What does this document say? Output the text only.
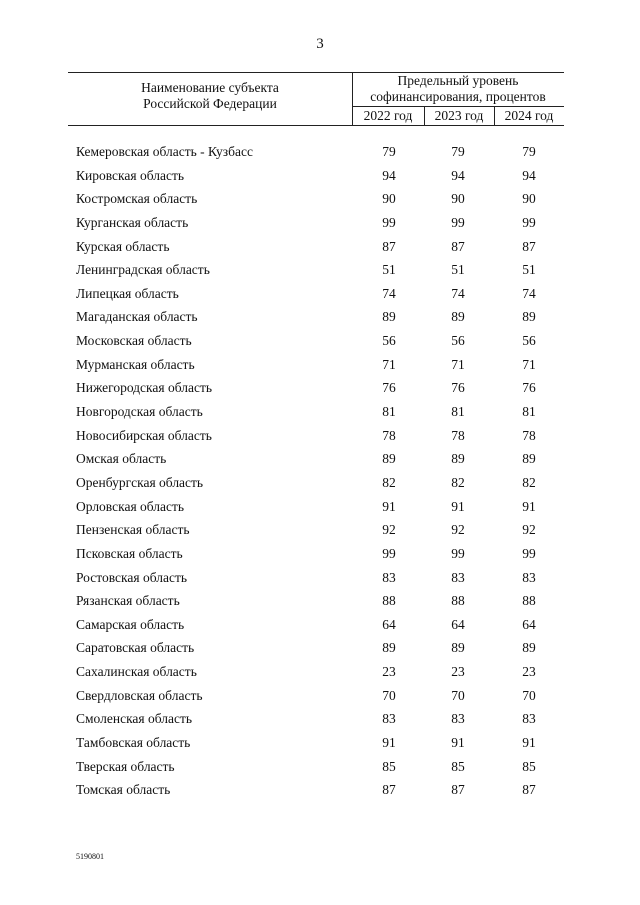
3
Наименование субъекта
Российской Федерации
Предельный уровень
софинансирования, процентов
2022 год	2023 год	2024 год
Кемеровская область - Кузбасс	79	79	79
Кировская область	94	94	94
Костромская область	90	90	90
Курганская область	99	99	99
Курская область	87	87	87
Ленинградская область	51	51	51
Липецкая область	74	74	74
Магаданская область	89	89	89
Московская область	56	56	56
Мурманская область	71	71	71
Нижегородская область	76	76	76
Новгородская область	81	81	81
Новосибирская область	78	78	78
Омская область	89	89	89
Оренбургская область	82	82	82
Орловская область	91	91	91
Пензенская область	92	92	92
Псковская область	99	99	99
Ростовская область	83	83	83
Рязанская область	88	88	88
Самарская область	64	64	64
Саратовская область	89	89	89
Сахалинская область	23	23	23
Свердловская область	70	70	70
Смоленская область	83	83	83
Тамбовская область	91	91	91
Тверская область	85	85	85
Томская область	87	87	87
5190801
